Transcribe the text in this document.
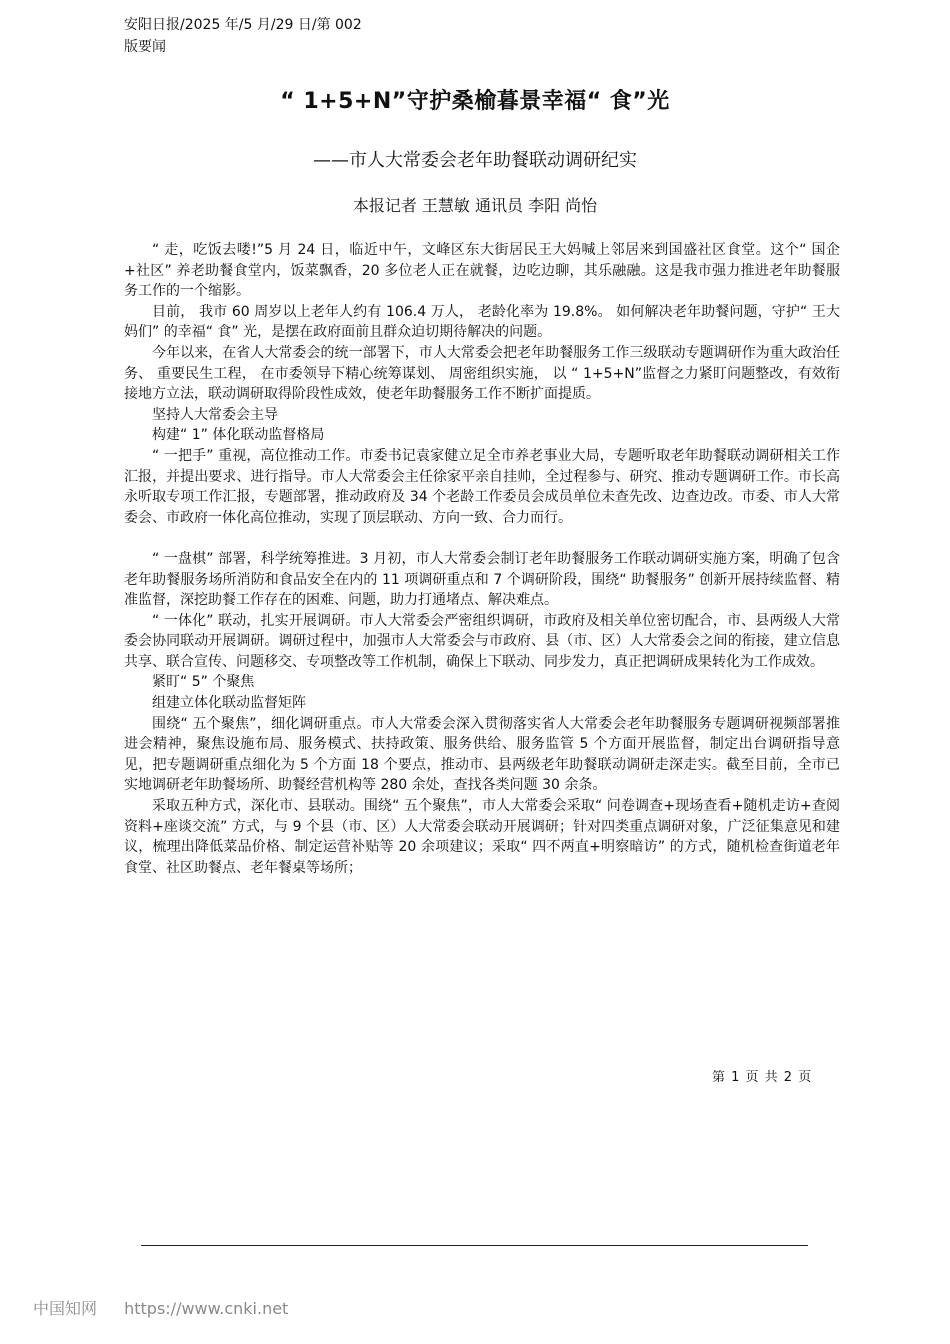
安阳日报/2025 年/5 月/29 日/第 002
版要闻
“ 1+5+N”守护桑榆暮景幸福“ 食”光
——市人大常委会老年助餐联动调研纪实
本报记者 王慧敏 通讯员 李阳 尚怡

“ 走，吃饭去喽!”5 月 24 日，临近中午，文峰区东大街居民王大妈喊上邻居来到国盛社区食堂。这个“ 国企+社区” 养老助餐食堂内，饭菜飘香，20 多位老人正在就餐，边吃边聊，其乐融融。这是我市强力推进老年助餐服务工作的一个缩影。

目前， 我市 60 周岁以上老年人约有 106.4 万人， 老龄化率为 19.8%。 如何解决老年助餐问题，守护“ 王大妈们” 的幸福“ 食” 光，是摆在政府面前且群众迫切期待解决的问题。

今年以来，在省人大常委会的统一部署下，市人大常委会把老年助餐服务工作三级联动专题调研作为重大政治任务、 重要民生工程， 在市委领导下精心统筹谋划、 周密组织实施， 以 “ 1+5+N”监督之力紧盯问题整改，有效衔接地方立法，联动调研取得阶段性成效，使老年助餐服务工作不断扩面提质。

坚持人大常委会主导

构建“ 1” 体化联动监督格局

“ 一把手” 重视，高位推动工作。市委书记袁家健立足全市养老事业大局，专题听取老年助餐联动调研相关工作汇报，并提出要求、进行指导。市人大常委会主任徐家平亲自挂帅，全过程参与、研究、推动专题调研工作。市长高永听取专项工作汇报，专题部署，推动政府及 34 个老龄工作委员会成员单位未查先改、边查边改。市委、市人大常委会、市政府一体化高位推动，实现了顶层联动、方向一致、合力而行。

“ 一盘棋” 部署，科学统筹推进。3 月初，市人大常委会制订老年助餐服务工作联动调研实施方案，明确了包含老年助餐服务场所消防和食品安全在内的 11 项调研重点和 7 个调研阶段，围绕“ 助餐服务” 创新开展持续监督、精准监督，深挖助餐工作存在的困难、问题，助力打通堵点、解决难点。

“ 一体化” 联动，扎实开展调研。市人大常委会严密组织调研，市政府及相关单位密切配合，市、县两级人大常委会协同联动开展调研。调研过程中，加强市人大常委会与市政府、县（市、区）人大常委会之间的衔接，建立信息共享、联合宣传、问题移交、专项整改等工作机制，确保上下联动、同步发力，真正把调研成果转化为工作成效。

紧盯“ 5” 个聚焦

组建立体化联动监督矩阵

围绕“ 五个聚焦”，细化调研重点。市人大常委会深入贯彻落实省人大常委会老年助餐服务专题调研视频部署推进会精神，聚焦设施布局、服务模式、扶持政策、服务供给、服务监管 5 个方面开展监督，制定出台调研指导意见，把专题调研重点细化为 5 个方面 18 个要点，推动市、县两级老年助餐联动调研走深走实。截至目前，全市已实地调研老年助餐场所、助餐经营机构等 280 余处，查找各类问题 30 余条。

采取五种方式，深化市、县联动。围绕“ 五个聚焦”，市人大常委会采取“ 问卷调查+现场查看+随机走访+查阅资料+座谈交流” 方式，与 9 个县（市、区）人大常委会联动开展调研；针对四类重点调研对象，广泛征集意见和建议，梳理出降低菜品价格、制定运营补贴等 20 余项建议；采取“ 四不两直+明察暗访” 的方式，随机检查街道老年食堂、社区助餐点、老年餐桌等场所；

第 1 页 共 2 页
中国知网 https://www.cnki.net
